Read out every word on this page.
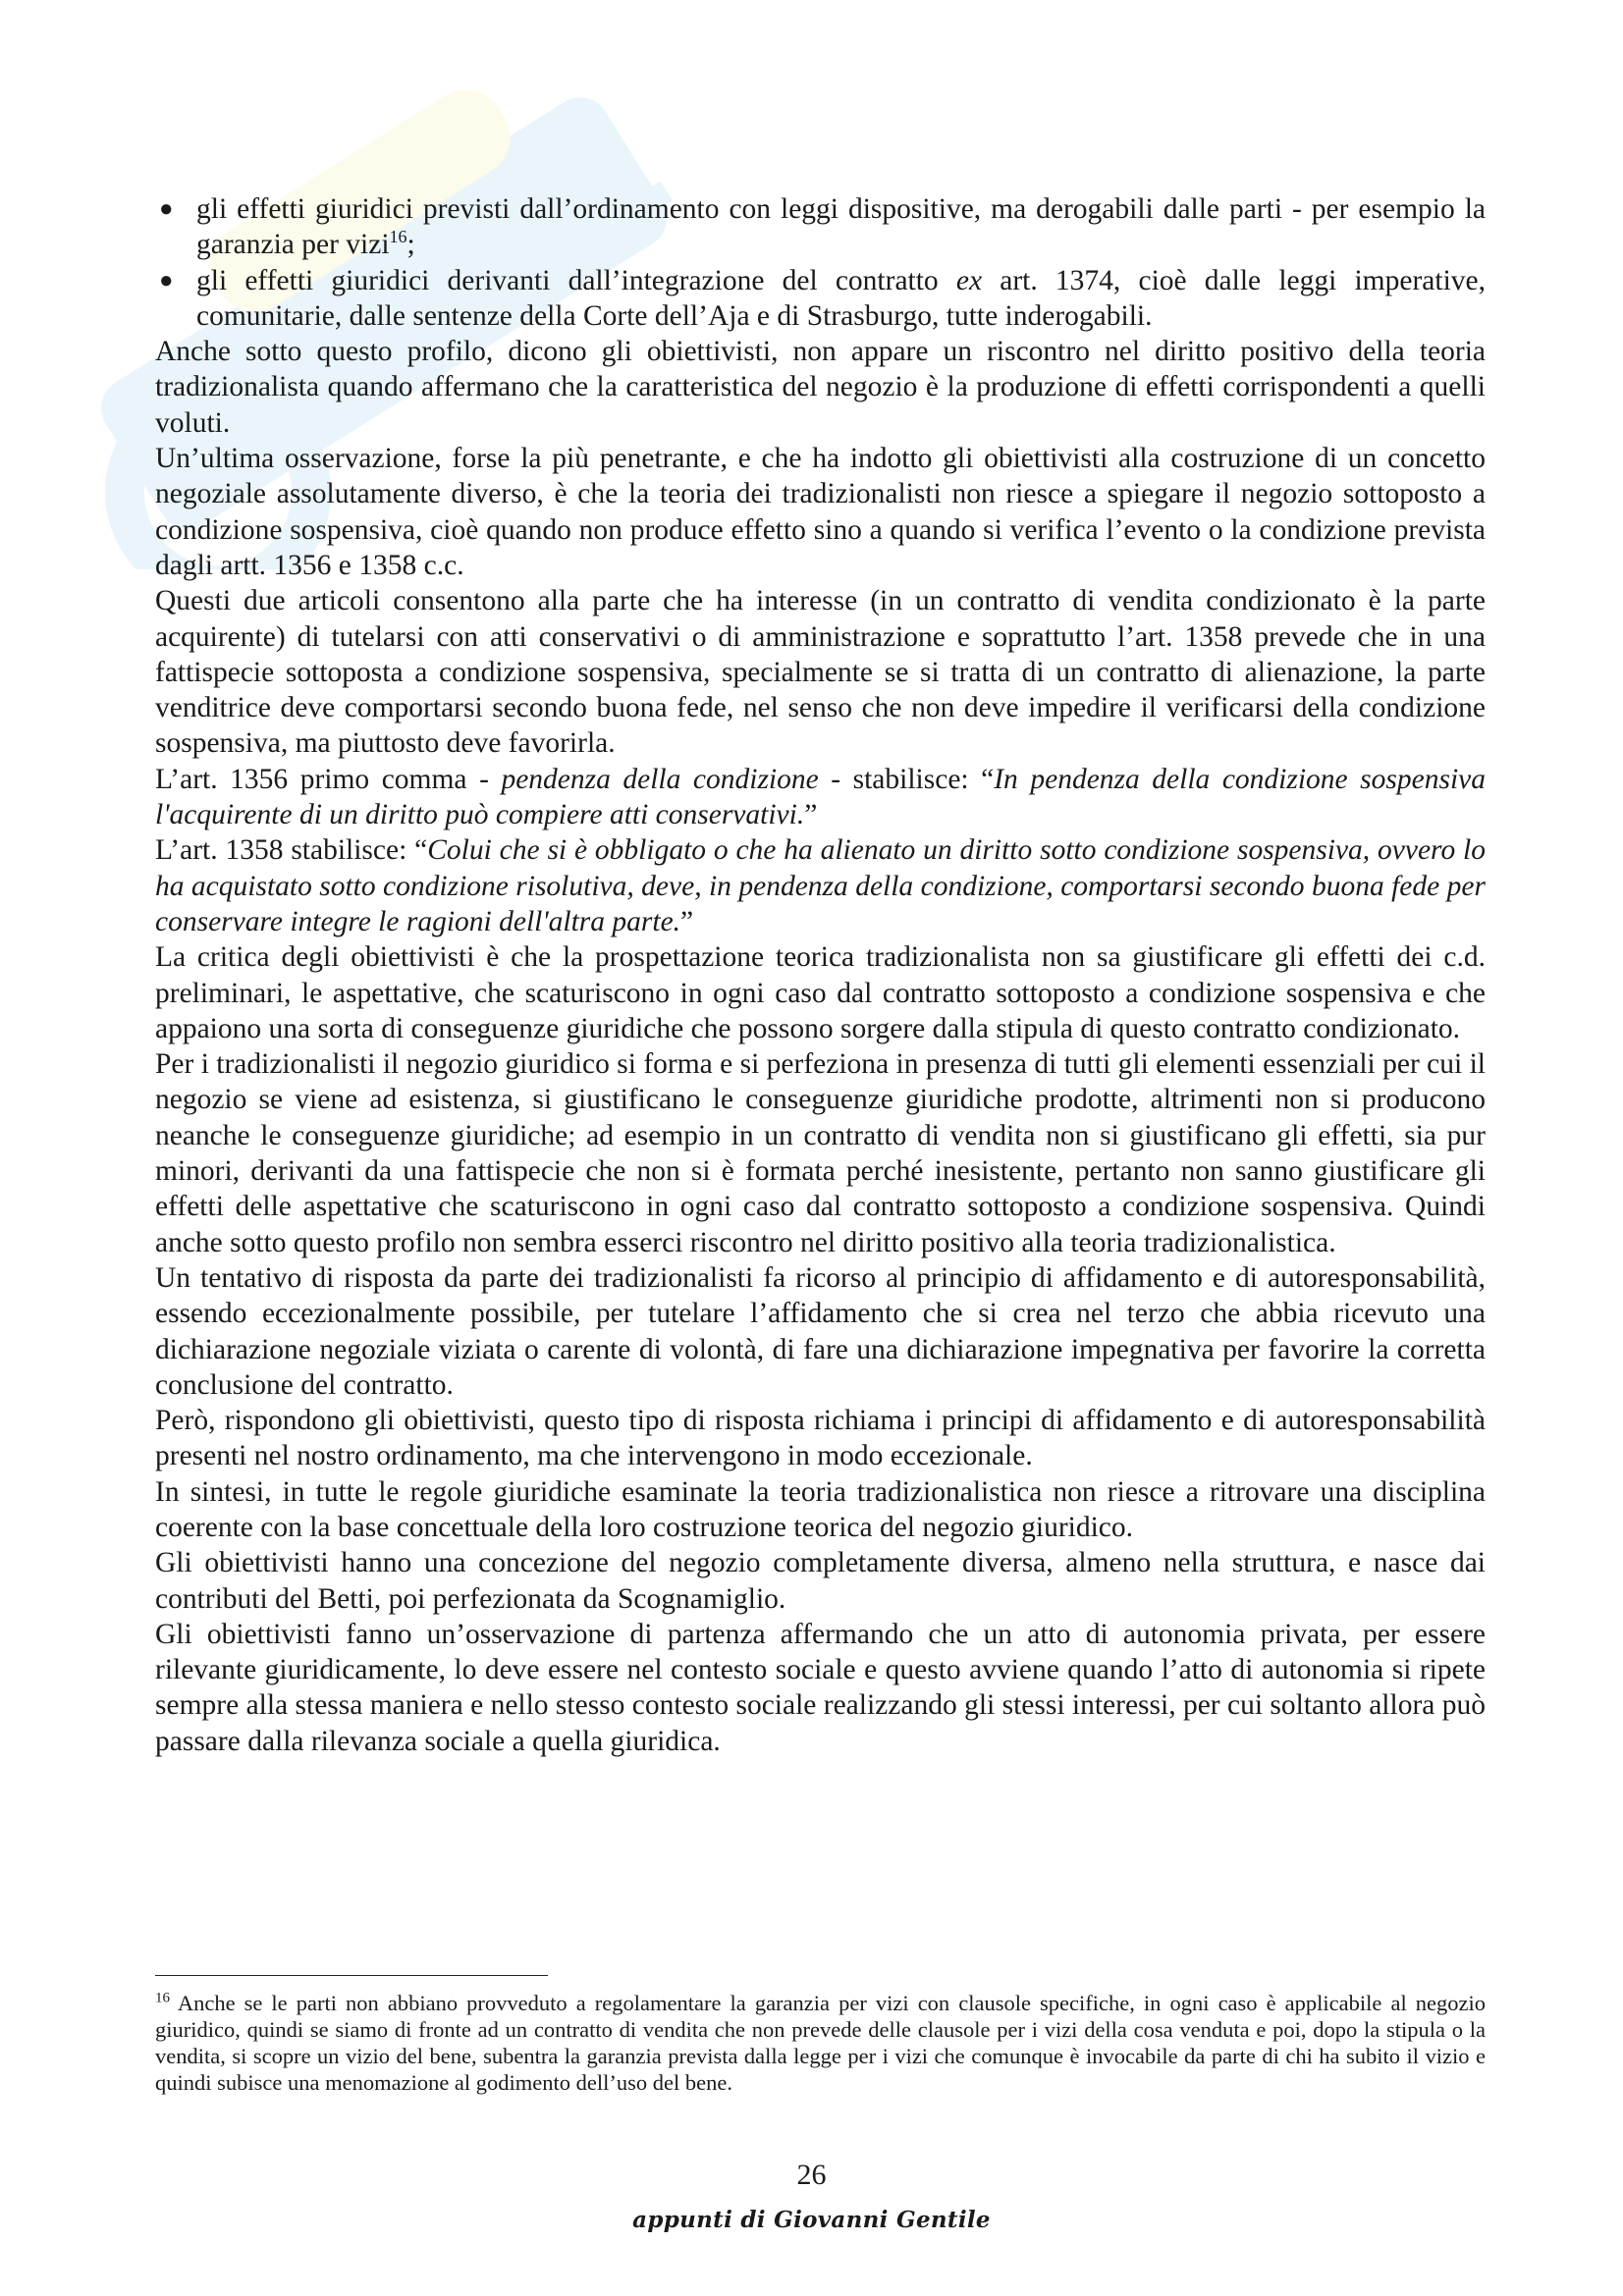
● gli effetti giuridici previsti dall’ordinamento con leggi dispositive, ma derogabili dalle parti - per esempio la garanzia per vizi$^{16}$;
● gli effetti giuridici derivanti dall’integrazione del contratto ex art. 1374, cioè dalle leggi imperative, comunitarie, dalle sentenze della Corte dell’Aja e di Strasburgo, tutte inderogabili.

Anche sotto questo profilo, dicono gli obiettivisti, non appare un riscontro nel diritto positivo della teoria tradizionalista quando affermano che la caratteristica del negozio è la produzione di effetti corrispondenti a quelli voluti.

Un’ultima osservazione, forse la più penetrante, e che ha indotto gli obiettivisti alla costruzione di un concetto negoziale assolutamente diverso, è che la teoria dei tradizionalisti non riesce a spiegare il negozio sottoposto a condizione sospensiva, cioè quando non produce effetto sino a quando si verifica l’evento o la condizione prevista dagli artt. 1356 e 1358 c.c.

Questi due articoli consentono alla parte che ha interesse (in un contratto di vendita condizionato è la parte acquirente) di tutelarsi con atti conservativi o di amministrazione e soprattutto l’art. 1358 prevede che in una fattispecie sottoposta a condizione sospensiva, specialmente se si tratta di un contratto di alienazione, la parte venditrice deve comportarsi secondo buona fede, nel senso che non deve impedire il verificarsi della condizione sospensiva, ma piuttosto deve favorirla.

L’art. 1356 primo comma - pendenza della condizione - stabilisce: “In pendenza della condizione sospensiva l'acquirente di un diritto può compiere atti conservativi.”

L’art. 1358 stabilisce: “Colui che si è obbligato o che ha alienato un diritto sotto condizione sospensiva, ovvero lo ha acquistato sotto condizione risolutiva, deve, in pendenza della condizione, comportarsi secondo buona fede per conservare integre le ragioni dell'altra parte.”

La critica degli obiettivisti è che la prospettazione teorica tradizionalista non sa giustificare gli effetti dei c.d. preliminari, le aspettative, che scaturiscono in ogni caso dal contratto sottoposto a condizione sospensiva e che appaiono una sorta di conseguenze giuridiche che possono sorgere dalla stipula di questo contratto condizionato.

Per i tradizionalisti il negozio giuridico si forma e si perfeziona in presenza di tutti gli elementi essenziali per cui il negozio se viene ad esistenza, si giustificano le conseguenze giuridiche prodotte, altrimenti non si producono neanche le conseguenze giuridiche; ad esempio in un contratto di vendita non si giustificano gli effetti, sia pur minori, derivanti da una fattispecie che non si è formata perché inesistente, pertanto non sanno giustificare gli effetti delle aspettative che scaturiscono in ogni caso dal contratto sottoposto a condizione sospensiva. Quindi anche sotto questo profilo non sembra esserci riscontro nel diritto positivo alla teoria tradizionalistica.

Un tentativo di risposta da parte dei tradizionalisti fa ricorso al principio di affidamento e di autoresponsabilità, essendo eccezionalmente possibile, per tutelare l’affidamento che si crea nel terzo che abbia ricevuto una dichiarazione negoziale viziata o carente di volontà, di fare una dichiarazione impegnativa per favorire la corretta conclusione del contratto.

Però, rispondono gli obiettivisti, questo tipo di risposta richiama i principi di affidamento e di autoresponsabilità presenti nel nostro ordinamento, ma che intervengono in modo eccezionale.

In sintesi, in tutte le regole giuridiche esaminate la teoria tradizionalistica non riesce a ritrovare una disciplina coerente con la base concettuale della loro costruzione teorica del negozio giuridico.

Gli obiettivisti hanno una concezione del negozio completamente diversa, almeno nella struttura, e nasce dai contributi del Betti, poi perfezionata da Scognamiglio.

Gli obiettivisti fanno un’osservazione di partenza affermando che un atto di autonomia privata, per essere rilevante giuridicamente, lo deve essere nel contesto sociale e questo avviene quando l’atto di autonomia si ripete sempre alla stessa maniera e nello stesso contesto sociale realizzando gli stessi interessi, per cui soltanto allora può passare dalla rilevanza sociale a quella giuridica.

$^{16}$ Anche se le parti non abbiano provveduto a regolamentare la garanzia per vizi con clausole specifiche, in ogni caso è applicabile al negozio giuridico, quindi se siamo di fronte ad un contratto di vendita che non prevede delle clausole per i vizi della cosa venduta e poi, dopo la stipula o la vendita, si scopre un vizio del bene, subentra la garanzia prevista dalla legge per i vizi che comunque è invocabile da parte di chi ha subito il vizio e quindi subisce una menomazione al godimento dell’uso del bene.
26
appunti di Giovanni Gentile
